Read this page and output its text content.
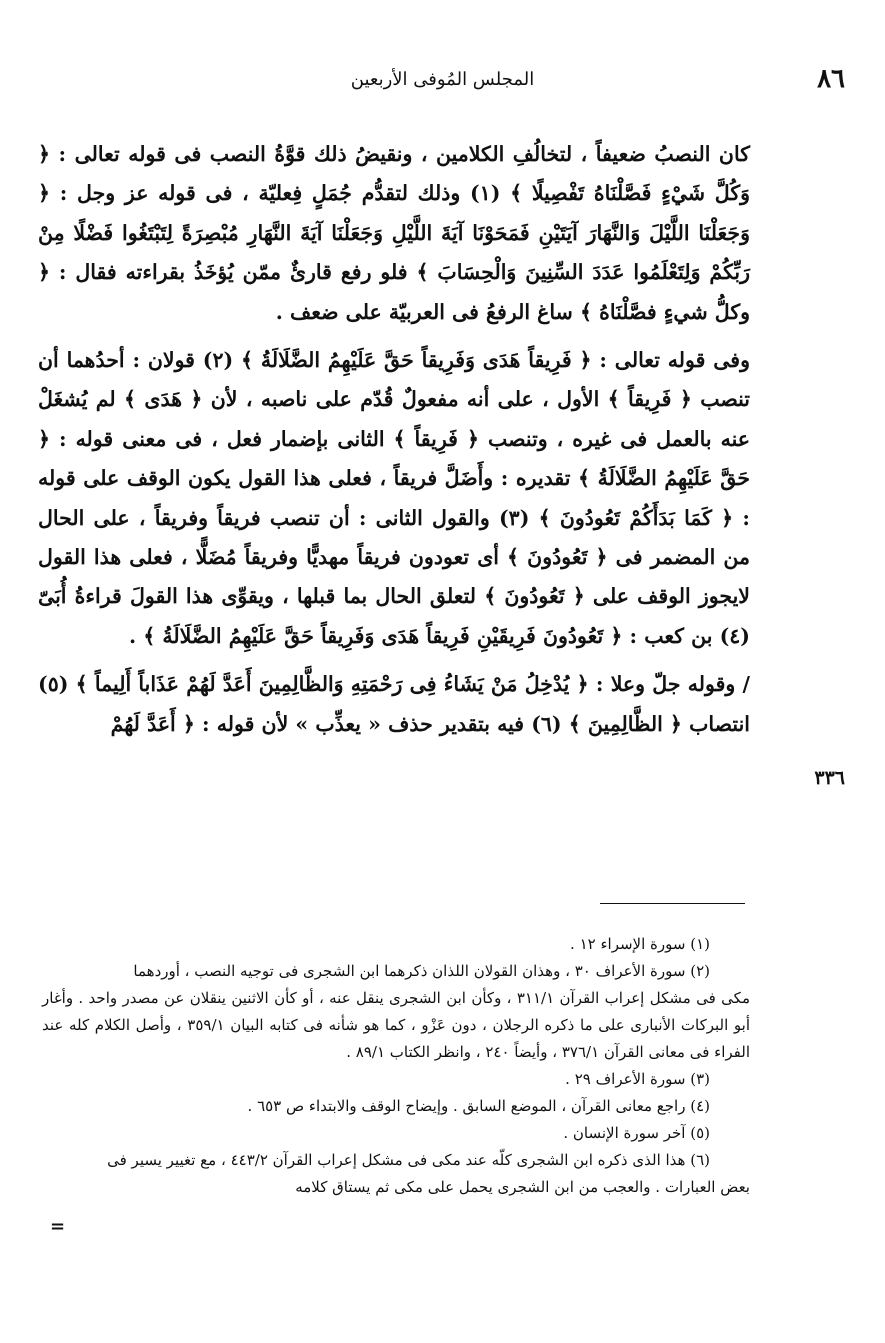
٨٦
المجلس المُوفى الأربعين

كان النصبُ ضعيفاً ، لتخالُفِ الكلامين ، ونقيضُ ذلك قوَّةُ النصب فى قوله تعالى : ﴿ وَكُلَّ شَيْءٍ فَصَّلْنَاهُ تَفْصِيلًا ﴾ (١) وذلك لتقدُّم جُمَلٍ فِعليّة ، فى قوله عز وجل : ﴿ وَجَعَلْنَا اللَّيْلَ وَالنَّهَارَ آيَتَيْنِ فَمَحَوْنَا آيَةَ اللَّيْلِ وَجَعَلْنَا آيَةَ النَّهَارِ مُبْصِرَةً لِتَبْتَغُوا فَضْلًا مِنْ رَبِّكُمْ وَلِتَعْلَمُوا عَدَدَ السِّنِينَ وَالْحِسَابَ ﴾ فلو رفع قارئٌ ممّن يُؤخَذُ بقراءته فقال : ﴿ وكلُّ شيءٍ فصَّلْنَاهُ ﴾ ساغ الرفعُ فى العربيّة على ضعف .

وفى قوله تعالى : ﴿ فَرِيقاً هَدَى وَفَرِيقاً حَقَّ عَلَيْهِمُ الضَّلَالَةُ ﴾ (٢) قولان : أحدُهما أن تنصب ﴿ فَرِيقاً ﴾ الأول ، على أنه مفعولٌ قُدّم على ناصبه ، لأن ﴿ هَدَى ﴾ لم يُشغَلْ عنه بالعمل فى غيره ، وتنصب ﴿ فَرِيقاً ﴾ الثانى بإضمار فعل ، فى معنى قوله : ﴿ حَقَّ عَلَيْهِمُ الضَّلَالَةُ ﴾ تقديره : وأَضَلَّ فريقاً ، فعلى هذا القول يكون الوقف على قوله : ﴿ كَمَا بَدَأَكُمْ تَعُودُونَ ﴾ (٣) والقول الثانى : أن تنصب فريقاً وفريقاً ، على الحال من المضمر فى ﴿ تَعُودُونَ ﴾ أى تعودون فريقاً مهديًّا وفريقاً مُضَلًّا ، فعلى هذا القول لايجوز الوقف على ﴿ تَعُودُونَ ﴾ لتعلق الحال بما قبلها ، ويقوِّى هذا القولَ قراءةُ أُبَىّ (٤) بن كعب : ﴿ تَعُودُونَ فَرِيقَيْنِ فَرِيقاً هَدَى وَفَرِيقاً حَقَّ عَلَيْهِمُ الضَّلَالَةُ ﴾ .

/ وقوله جلّ وعلا : ﴿ يُدْخِلُ مَنْ يَشَاءُ فِى رَحْمَتِهِ وَالظَّالِمِينَ أَعَدَّ لَهُمْ عَذَاباً أَلِيماً ﴾ (٥) انتصاب ﴿ الظَّالِمِينَ ﴾ (٦) فيه بتقدير حذف « يعذِّب » لأن قوله : ﴿ أَعَدَّ لَهُمْ

٣٣٦

(١) سورة الإسراء ١٢ .

(٢) سورة الأعراف ٣٠ ، وهذان القولان اللذان ذكرهما ابن الشجرى فى توجيه النصب ، أوردهما

مكى فى مشكل إعراب القرآن ٣١١/١ ، وكأن ابن الشجرى ينقل عنه ، أو كأن الاثنين ينقلان عن مصدر واحد . وأغار أبو البركات الأنبارى على ما ذكره الرجلان ، دون عَزْو ، كما هو شأنه فى كتابه البيان ٣٥٩/١ ، وأصل الكلام كله عند الفراء فى معانى القرآن ٣٧٦/١ ، وأيضاً ٢٤٠ ، وانظر الكتاب ٨٩/١ .

(٣) سورة الأعراف ٢٩ .

(٤) راجع معانى القرآن ، الموضع السابق . وإيضاح الوقف والابتداء ص ٦٥٣ .

(٥) آخر سورة الإنسان .

(٦) هذا الذى ذكره ابن الشجرى كلّه عند مكى فى مشكل إعراب القرآن ٤٤٣/٢ ، مع تغيير يسير فى

بعض العبارات . والعجب من ابن الشجرى يحمل على مكى ثم يستاق كلامه

=
